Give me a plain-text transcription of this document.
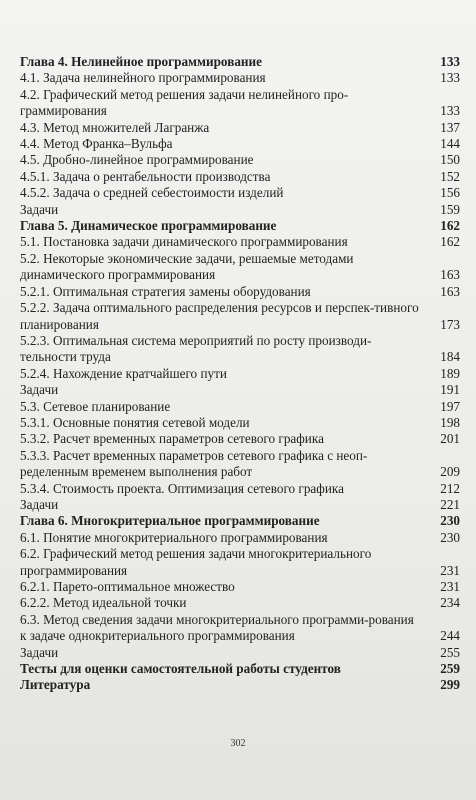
Глава 4. Нелинейное программирование	133
4.1. Задача нелинейного программирования	133
4.2. Графический метод решения задачи нелинейного про-граммирования	133
4.3. Метод множителей Лагранжа	137
4.4. Метод Франка–Вульфа	144
4.5. Дробно-линейное программирование	150
4.5.1. Задача о рентабельности производства	152
4.5.2. Задача о средней себестоимости изделий	156
Задачи	159
Глава 5. Динамическое программирование	162
5.1. Постановка задачи динамического программирования	162
5.2. Некоторые экономические задачи, решаемые методами динамического программирования	163
5.2.1. Оптимальная стратегия замены оборудования	163
5.2.2. Задача оптимального распределения ресурсов и перспек-тивного планирования	173
5.2.3. Оптимальная система мероприятий по росту производи-тельности труда	184
5.2.4. Нахождение кратчайшего пути	189
Задачи	191
5.3. Сетевое планирование	197
5.3.1. Основные понятия сетевой модели	198
5.3.2. Расчет временных параметров сетевого графика	201
5.3.3. Расчет временных параметров сетевого графика с неоп-ределенным временем выполнения работ	209
5.3.4. Стоимость проекта. Оптимизация сетевого графика	212
Задачи	221
Глава 6. Многокритериальное программирование	230
6.1. Понятие многокритериального программирования	230
6.2. Графический метод решения задачи многокритериального программирования	231
6.2.1. Парето-оптимальное множество	231
6.2.2. Метод идеальной точки	234
6.3. Метод сведения задачи многокритериального программи-рования к задаче однокритериального программирования	244
Задачи	255
Тесты для оценки самостоятельной работы студентов	259
Литература	299
302
